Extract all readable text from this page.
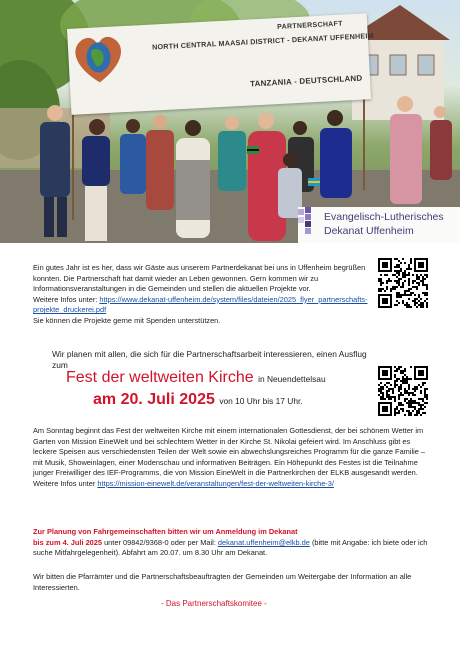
PARTNERSCHAFT
NORTH CENTRAL MAASAI DISTRICT - DEKANAT UFFENHEIM
TANZANIA - DEUTSCHLAND
Evangelisch-Lutherisches
Dekanat Uffenheim
Ein gutes Jahr ist es her, dass wir Gäste aus unserem Partnerdekanat bei uns in Uffenheim begrüßen konnten. Die Partnerschaft hat damit wieder an Leben gewonnen. Gern kommen wir zu Informationsveranstaltungen in die Gemeinden und stellen die aktuellen Projekte vor.
Weitere Infos unter: https://www.dekanat-uffenheim.de/system/files/dateien/2025_flyer_partnerschafts-projekte_druckerei.pdf
Sie können die Projekte gerne mit Spenden unterstützen.
Wir planen mit allen, die sich für die Partnerschaftsarbeit interessieren, einen Ausflug zum
Fest der weltweiten Kirche in Neuendettelsau
am 20. Juli 2025 von 10 Uhr bis 17 Uhr.
Am Sonntag beginnt das Fest der weltweiten Kirche mit einem internationalen Gottesdienst, der bei schönem Wetter im Garten von Mission EineWelt und bei schlechtem Wetter in der Kirche St. Nikolai gefeiert wird. Im Anschluss gibt es leckere Speisen aus verschiedensten Teilen der Welt sowie ein abwechslungsreiches Programm für die ganze Familie – mit Musik, Showeinlagen, einer Modenschau und informativen Beiträgen. Ein Höhepunkt des Festes ist die Teilnahme junger Freiwilliger des IEF-Programms, die von Mission EineWelt in die Partnerkirchen der ELKB ausgesandt werden.
Weitere Infos unter https://mission-einewelt.de/veranstaltungen/fest-der-weltweiten-kirche-3/
Zur Planung von Fahrgemeinschaften bitten wir um Anmeldung im Dekanat
bis zum 4. Juli 2025 unter 09842/9368-0 oder per Mail: dekanat.uffenheim@elkb.de (bitte mit Angabe: ich biete oder ich suche Mitfahrgelegenheit). Abfahrt am 20.07. um 8.30 Uhr am Dekanat.
Wir bitten die Pfarrämter und die Partnerschaftsbeauftragten der Gemeinden um Weitergabe der Information an alle Interessierten.
- Das Partnerschaftskomitee -
